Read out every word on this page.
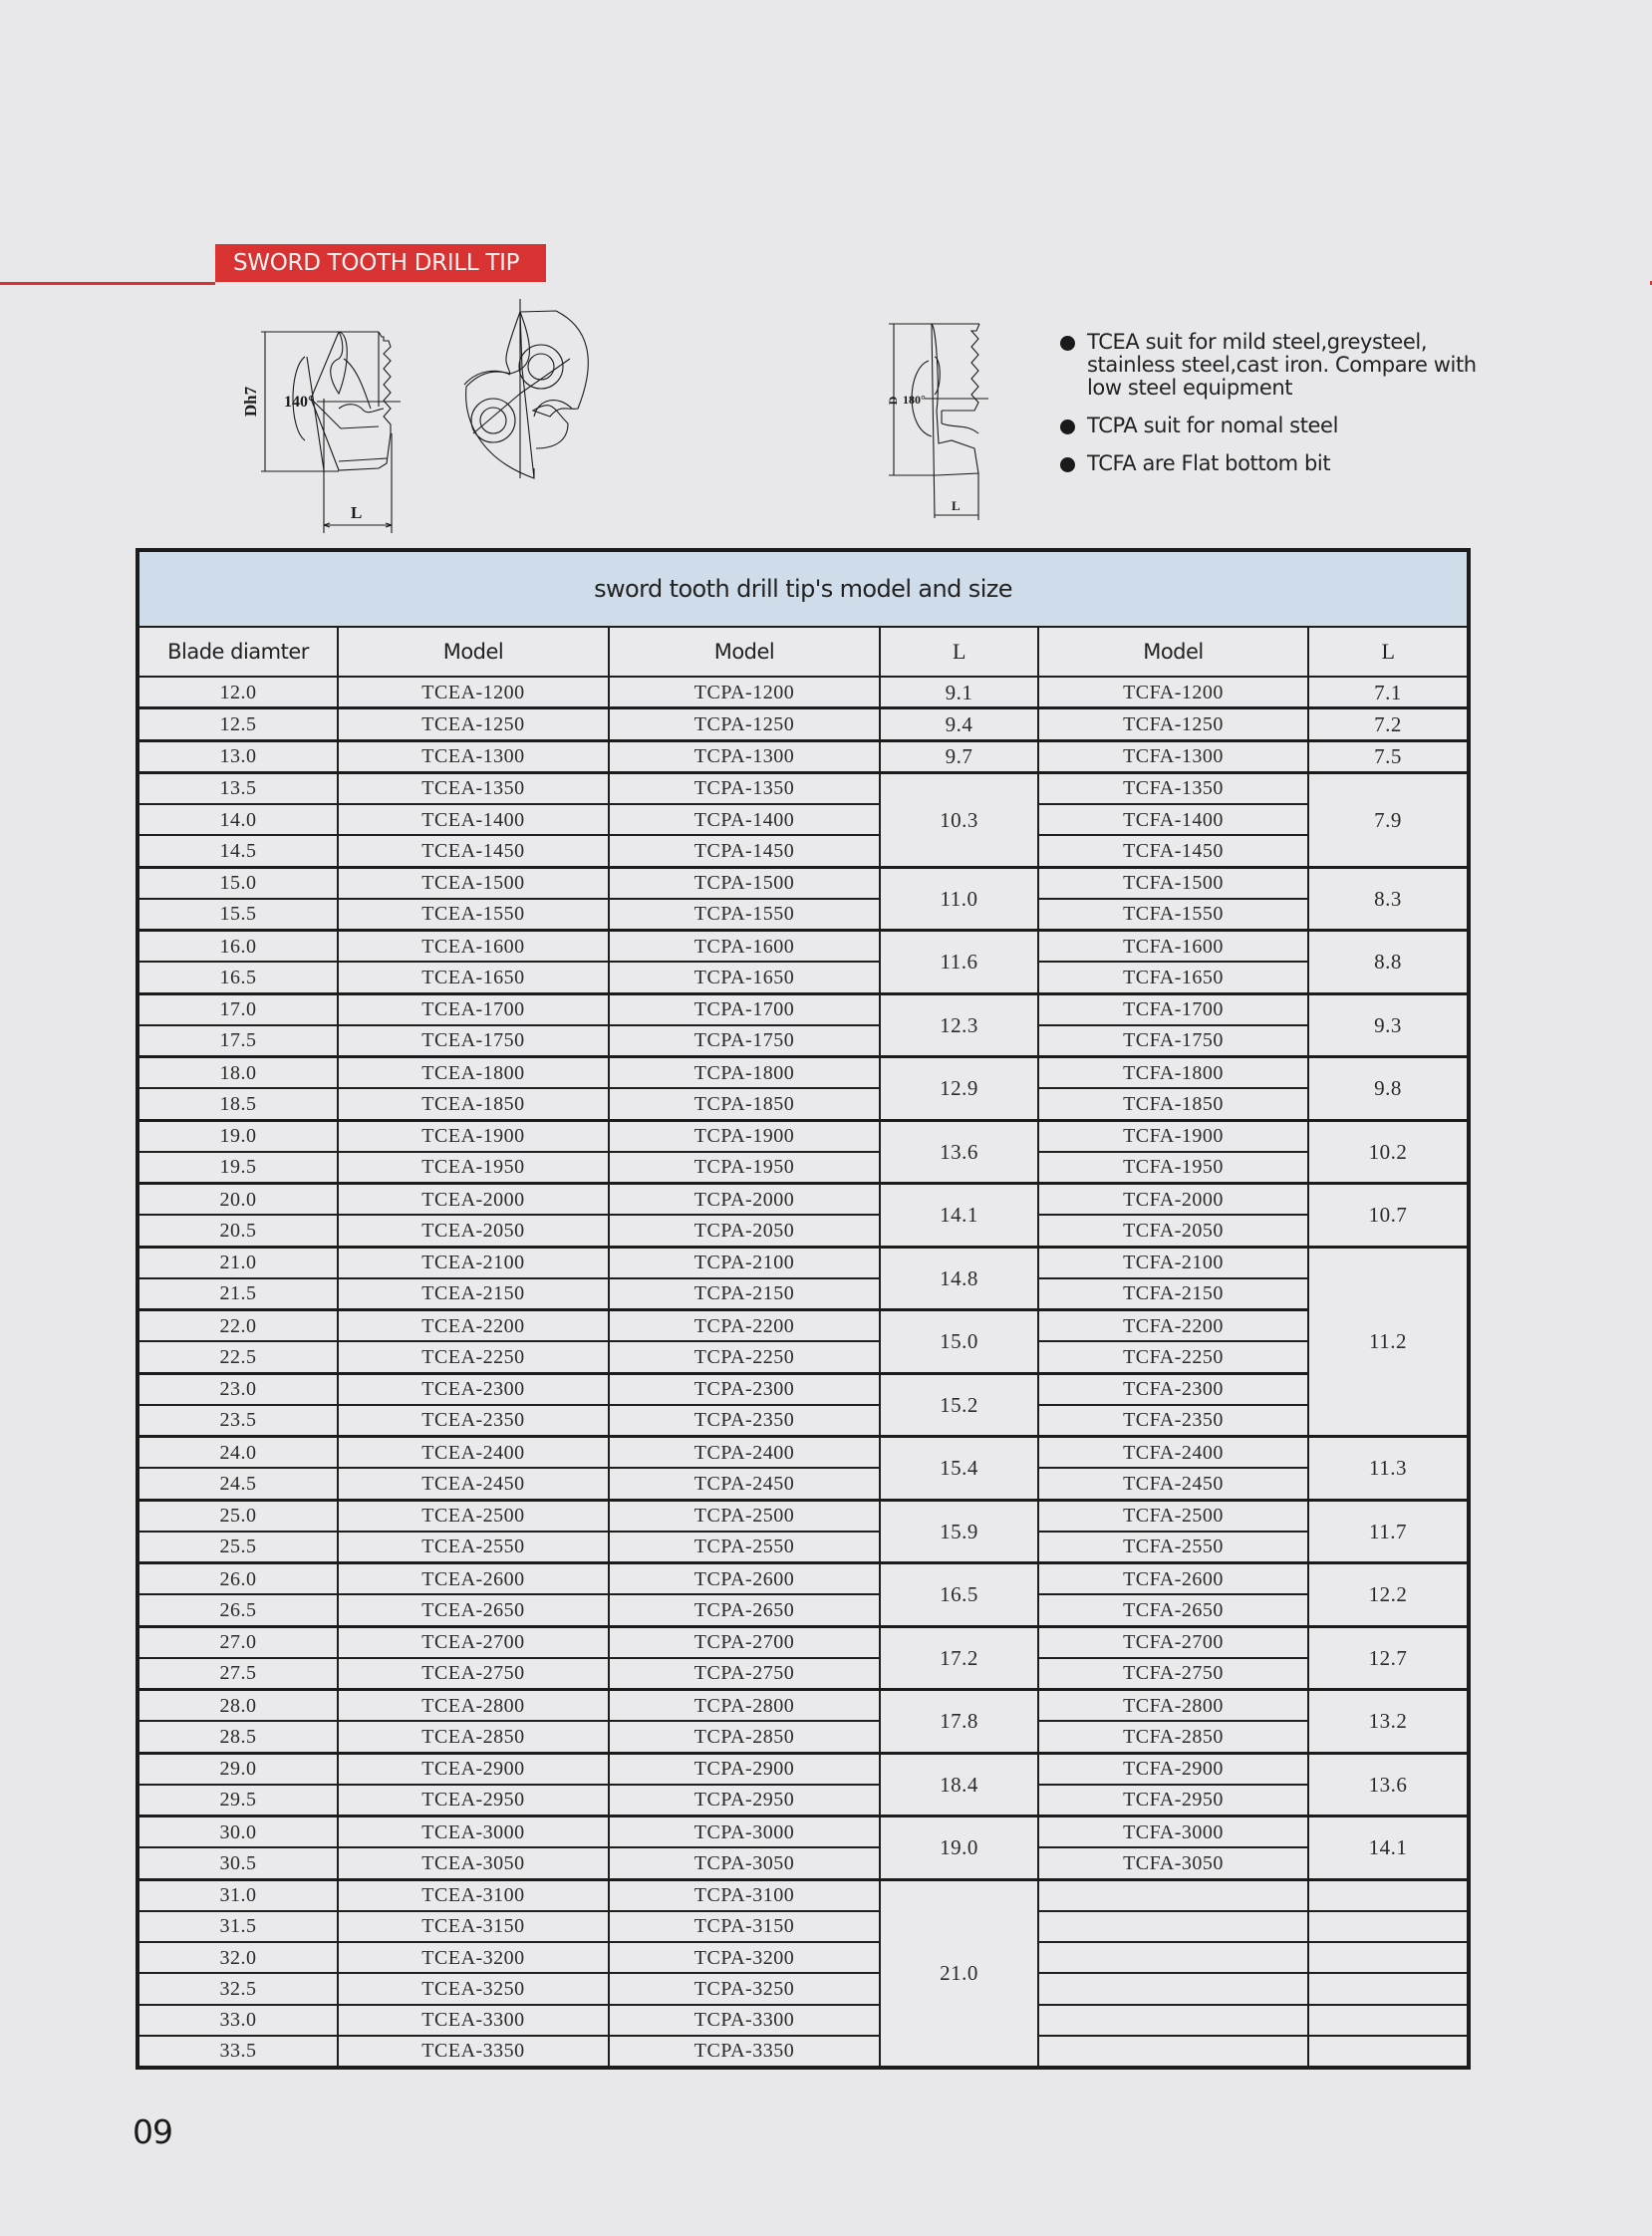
SWORD TOOTH DRILL TIP
Dh7 140°
L
D 180°
L
TCEA suit for mild steel,greysteel, stainless steel,cast iron. Compare with low steel equipment
TCPA suit for nomal steel
TCFA are Flat bottom bit
sword tooth drill tip's model and size					
Blade diamter	Model	Model	L	Model	L
12.0	TCEA-1200	TCPA-1200	9.1	TCFA-1200	7.1
12.5	TCEA-1250	TCPA-1250	9.4	TCFA-1250	7.2
13.0	TCEA-1300	TCPA-1300	9.7	TCFA-1300	7.5
13.5	TCEA-1350	TCPA-1350	10.3	TCFA-1350	7.9
14.0	TCEA-1400	TCPA-1400		TCFA-1400	
14.5	TCEA-1450	TCPA-1450		TCFA-1450	
15.0	TCEA-1500	TCPA-1500	11.0	TCFA-1500	8.3
15.5	TCEA-1550	TCPA-1550		TCFA-1550	
16.0	TCEA-1600	TCPA-1600	11.6	TCFA-1600	8.8
16.5	TCEA-1650	TCPA-1650		TCFA-1650	
17.0	TCEA-1700	TCPA-1700	12.3	TCFA-1700	9.3
17.5	TCEA-1750	TCPA-1750		TCFA-1750	
18.0	TCEA-1800	TCPA-1800	12.9	TCFA-1800	9.8
18.5	TCEA-1850	TCPA-1850		TCFA-1850	
19.0	TCEA-1900	TCPA-1900	13.6	TCFA-1900	10.2
19.5	TCEA-1950	TCPA-1950		TCFA-1950	
20.0	TCEA-2000	TCPA-2000	14.1	TCFA-2000	10.7
20.5	TCEA-2050	TCPA-2050		TCFA-2050	
21.0	TCEA-2100	TCPA-2100	14.8	TCFA-2100	11.2
21.5	TCEA-2150	TCPA-2150		TCFA-2150	
22.0	TCEA-2200	TCPA-2200	15.0	TCFA-2200	
22.5	TCEA-2250	TCPA-2250		TCFA-2250	
23.0	TCEA-2300	TCPA-2300	15.2	TCFA-2300	
23.5	TCEA-2350	TCPA-2350		TCFA-2350	
24.0	TCEA-2400	TCPA-2400	15.4	TCFA-2400	11.3
24.5	TCEA-2450	TCPA-2450		TCFA-2450	
25.0	TCEA-2500	TCPA-2500	15.9	TCFA-2500	11.7
25.5	TCEA-2550	TCPA-2550		TCFA-2550	
26.0	TCEA-2600	TCPA-2600	16.5	TCFA-2600	12.2
26.5	TCEA-2650	TCPA-2650		TCFA-2650	
27.0	TCEA-2700	TCPA-2700	17.2	TCFA-2700	12.7
27.5	TCEA-2750	TCPA-2750		TCFA-2750	
28.0	TCEA-2800	TCPA-2800	17.8	TCFA-2800	13.2
28.5	TCEA-2850	TCPA-2850		TCFA-2850	
29.0	TCEA-2900	TCPA-2900	18.4	TCFA-2900	13.6
29.5	TCEA-2950	TCPA-2950		TCFA-2950	
30.0	TCEA-3000	TCPA-3000	19.0	TCFA-3000	14.1
30.5	TCEA-3050	TCPA-3050		TCFA-3050	
31.0	TCEA-3100	TCPA-3100	21.0		
31.5	TCEA-3150	TCPA-3150			
32.0	TCEA-3200	TCPA-3200			
32.5	TCEA-3250	TCPA-3250			
33.0	TCEA-3300	TCPA-3300			
33.5	TCEA-3350	TCPA-3350			
09
